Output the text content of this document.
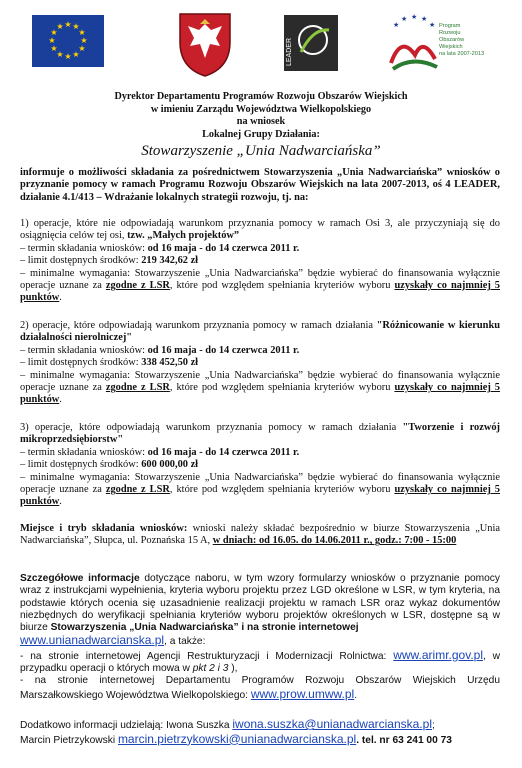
★ ★
★
★
★
★
★
★
★
★
★
★
LEADER
★
★ ★ ★
★ Program
Rozwoju
Obszarów
Wiejskich
na lata 2007-2013
Dyrektor Departamentu Programów Rozwoju Obszarów Wiejskich
w imieniu Zarządu Województwa Wielkopolskiego
na wniosek
Lokalnej Grupy Działania:
Stowarzyszenie „Unia Nadwarciańska”
informuje o możliwości składania za pośrednictwem Stowarzyszenia „Unia Nadwarciańska” wniosków o przyznanie pomocy w ramach Programu Rozwoju Obszarów Wiejskich na lata 2007-2013, oś 4 LEADER, działanie 4.1/413 – Wdrażanie lokalnych strategii rozwoju, tj. na:

1) operacje, które nie odpowiadają warunkom przyznania pomocy w ramach Osi 3, ale przyczyniają się do osiągnięcia celów tej osi, tzw. „Małych projektów”

– termin składania wniosków: od 16 maja - do 14 czerwca 2011 r.

– limit dostępnych środków: 219 342,62 zł

– minimalne wymagania: Stowarzyszenie „Unia Nadwarciańska” będzie wybierać do finansowania wyłącznie operacje uznane za zgodne z LSR, które pod względem spełniania kryteriów wyboru uzyskały co najmniej 5 punktów.

2) operacje, które odpowiadają warunkom przyznania pomocy w ramach działania "Różnicowanie w kierunku działalności nierolniczej"

– termin składania wniosków: od 16 maja - do 14 czerwca 2011 r.

– limit dostępnych środków: 338 452,50 zł

– minimalne wymagania: Stowarzyszenie „Unia Nadwarciańska” będzie wybierać do finansowania wyłącznie operacje uznane za zgodne z LSR, które pod względem spełniania kryteriów wyboru uzyskały co najmniej 5 punktów.

3) operacje, które odpowiadają warunkom przyznania pomocy w ramach działania "Tworzenie i rozwój mikroprzedsiębiorstw"

– termin składania wniosków: od 16 maja - do 14 czerwca 2011 r.

– limit dostępnych środków: 600 000,00 zł

– minimalne wymagania: Stowarzyszenie „Unia Nadwarciańska” będzie wybierać do finansowania wyłącznie operacje uznane za zgodne z LSR, które pod względem spełniania kryteriów wyboru uzyskały co najmniej 5 punktów.

Miejsce i tryb składania wniosków: wnioski należy składać bezpośrednio w biurze Stowarzyszenia „Unia Nadwarciańska”, Słupca, ul. Poznańska 15 A, w dniach: od 16.05. do 14.06.2011 r., godz.: 7:00 - 15:00

Szczegółowe informacje dotyczące naboru, w tym wzory formularzy wniosków o przyznanie pomocy wraz z instrukcjami wypełnienia, kryteria wyboru projektu przez LGD określone w LSR, w tym kryteria, na podstawie których ocenia się uzasadnienie realizacji projektu w ramach LSR oraz wykaz dokumentów niezbędnych do weryfikacji spełniania kryteriów wyboru projektów określonych w LSR, dostępne są w biurze Stowarzyszenia „Unia Nadwarciańska” i na stronie internetowej

www.unianadwarcianska.pl, a także:

- na stronie internetowej Agencji Restrukturyzacji i Modernizacji Rolnictwa: www.arimr.gov.pl, w przypadku operacji o których mowa w pkt 2 i 3 ),

- na stronie internetowej Departamentu Programów Rozwoju Obszarów Wiejskich Urzędu Marszałkowskiego Województwa Wielkopolskiego: www.prow.umww.pl.

Dodatkowo informacji udzielają: Iwona Suszka iwona.suszka@unianadwarcianska.pl;

Marcin Pietrzykowski marcin.pietrzykowski@unianadwarcianska.pl. tel. nr 63 241 00 73
